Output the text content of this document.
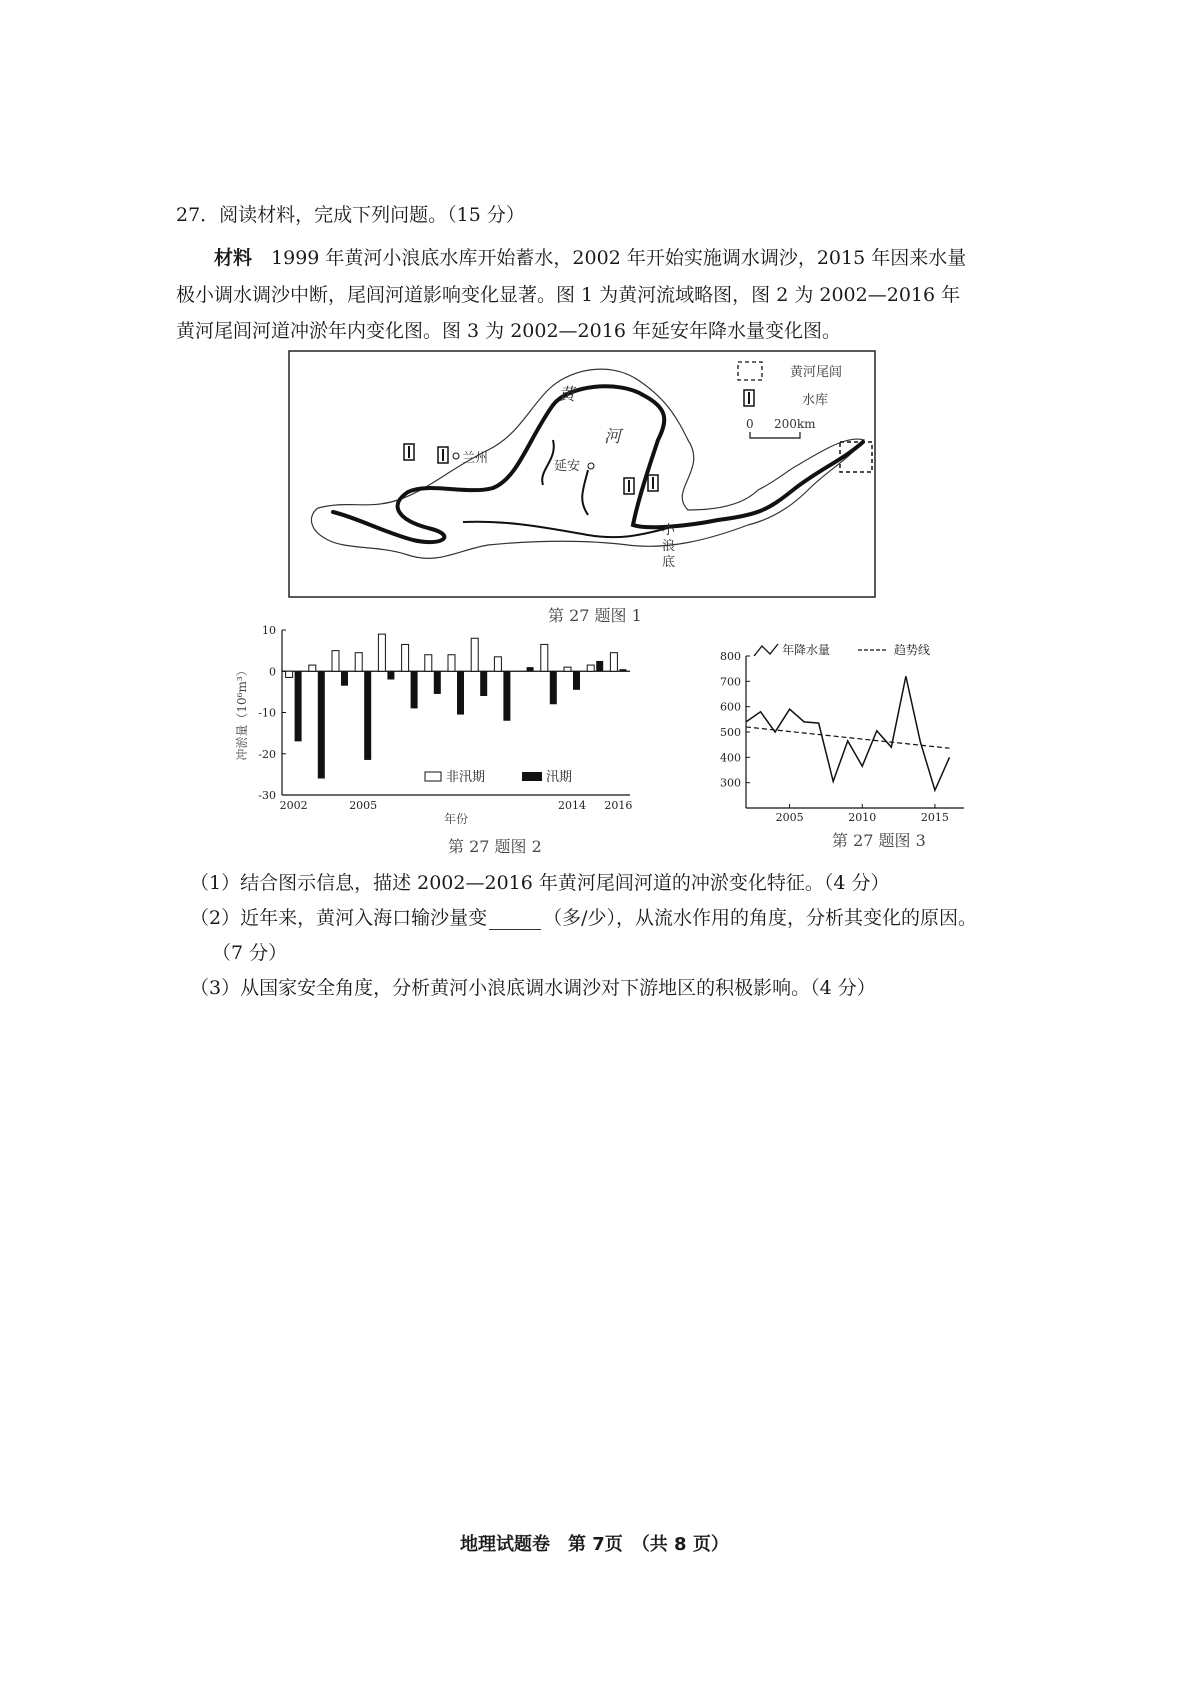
27．阅读材料，完成下列问题。（15 分）
材料　 1999 年黄河小浪底水库开始蓄水，2002 年开始实施调水调沙，2015 年因来水量
极小调水调沙中断，尾闾河道影响变化显著。图 1 为黄河流域略图，图 2 为 2002—2016 年
黄河尾闾河道冲淤年内变化图。图 3 为 2002—2016 年延安年降水量变化图。
黄
河
延安
兰州
小
浪
底
黄河尾闾
水库
0 200km
第 27 题图 1
10
0
-10
-20
-30
2002	2005	2014 2016
年份
冲淤量（10⁶m³）
非汛期	汛期
第 27 题图 2
800
700
600
500
400
300
2005	2010	2015
年降水量	趋势线
第 27 题图 3
（1）结合图示信息，描述 2002—2016 年黄河尾闾河道的冲淤变化特征。（4 分）
（2）近年来，黄河入海口输沙量变	（多/少），从流水作用的角度，分析其变化的原因。
（7 分）
（3）从国家安全角度，分析黄河小浪底调水调沙对下游地区的积极影响。（4 分）
地理试题卷　第 7页　（共 8 页）
